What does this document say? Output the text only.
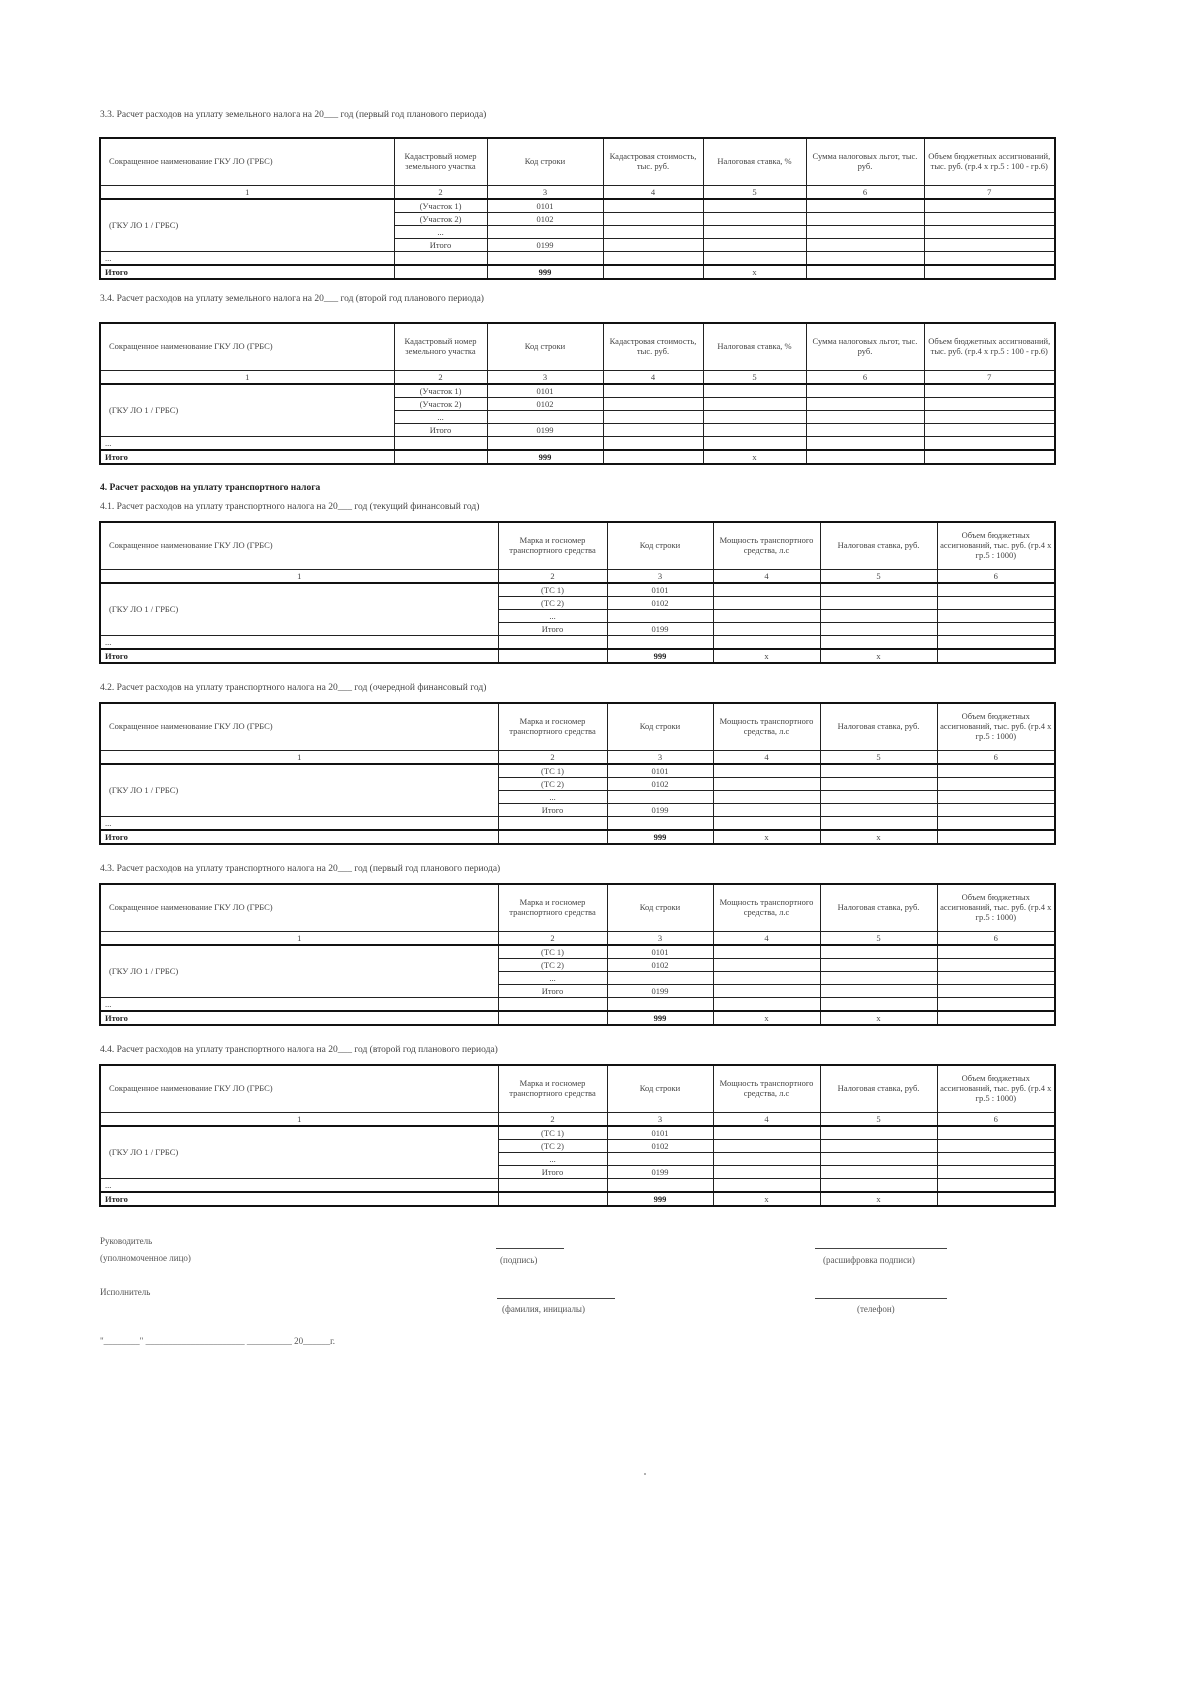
3.3. Расчет расходов на уплату земельного налога на 20___ год (первый год планового периода)
Сокращенное наименование ГКУ ЛО (ГРБС)	Кадастровый номер земельного участка	Код строки	Кадастровая стоимость, тыс. руб.	Налоговая ставка, %	Сумма налоговых льгот, тыс. руб.	Объем бюджетных ассигнований, тыс. руб. (гр.4 х гр.5 : 100 - гр.6)
1	2	3	4	5	6	7
(ГКУ ЛО 1 / ГРБС)	(Участок 1)	0101				
	(Участок 2)	0102				
	...					
	Итого	0199				
...						
Итого		999		x		
3.4. Расчет расходов на уплату земельного налога на 20___ год (второй год планового периода)
Сокращенное наименование ГКУ ЛО (ГРБС)	Кадастровый номер земельного участка	Код строки	Кадастровая стоимость, тыс. руб.	Налоговая ставка, %	Сумма налоговых льгот, тыс. руб.	Объем бюджетных ассигнований, тыс. руб. (гр.4 х гр.5 : 100 - гр.6)
1	2	3	4	5	6	7
(ГКУ ЛО 1 / ГРБС)	(Участок 1)	0101				
	(Участок 2)	0102				
	...					
	Итого	0199				
...						
Итого		999		x		
4. Расчет расходов на уплату транспортного налога
4.1. Расчет расходов на уплату транспортного налога на 20___ год (текущий финансовый год)
Сокращенное наименование ГКУ ЛО (ГРБС)	Марка и госномер транспортного средства	Код строки	Мощность транспортного средства, л.с	Налоговая ставка, руб.	Объем бюджетных ассигнований, тыс. руб. (гр.4 х гр.5 : 1000)
1	2	3	4	5	6
(ГКУ ЛО 1 / ГРБС)	(ТС 1)	0101			
	(ТС 2)	0102			
	...				
	Итого	0199			
...					
Итого		999	x	x	
4.2. Расчет расходов на уплату транспортного налога на 20___ год (очередной финансовый год)
Сокращенное наименование ГКУ ЛО (ГРБС)	Марка и госномер транспортного средства	Код строки	Мощность транспортного средства, л.с	Налоговая ставка, руб.	Объем бюджетных ассигнований, тыс. руб. (гр.4 х гр.5 : 1000)
1	2	3	4	5	6
(ГКУ ЛО 1 / ГРБС)	(ТС 1)	0101			
	(ТС 2)	0102			
	...				
	Итого	0199			
...					
Итого		999	x	x	
4.3. Расчет расходов на уплату транспортного налога на 20___ год (первый год планового периода)
Сокращенное наименование ГКУ ЛО (ГРБС)	Марка и госномер транспортного средства	Код строки	Мощность транспортного средства, л.с	Налоговая ставка, руб.	Объем бюджетных ассигнований, тыс. руб. (гр.4 х гр.5 : 1000)
1	2	3	4	5	6
(ГКУ ЛО 1 / ГРБС)	(ТС 1)	0101			
	(ТС 2)	0102			
	...				
	Итого	0199			
...					
Итого		999	x	x	
4.4. Расчет расходов на уплату транспортного налога на 20___ год (второй год планового периода)
Сокращенное наименование ГКУ ЛО (ГРБС)	Марка и госномер транспортного средства	Код строки	Мощность транспортного средства, л.с	Налоговая ставка, руб.	Объем бюджетных ассигнований, тыс. руб. (гр.4 х гр.5 : 1000)
1	2	3	4	5	6
(ГКУ ЛО 1 / ГРБС)	(ТС 1)	0101			
	(ТС 2)	0102			
	...				
	Итого	0199			
...					
Итого		999	x	x	
Руководитель
(уполномоченное лицо)	(подпись)	(расшифровка подписи)
Исполнитель
(фамилия, инициалы)	(телефон)
"________" ______________________ __________ 20______г.
